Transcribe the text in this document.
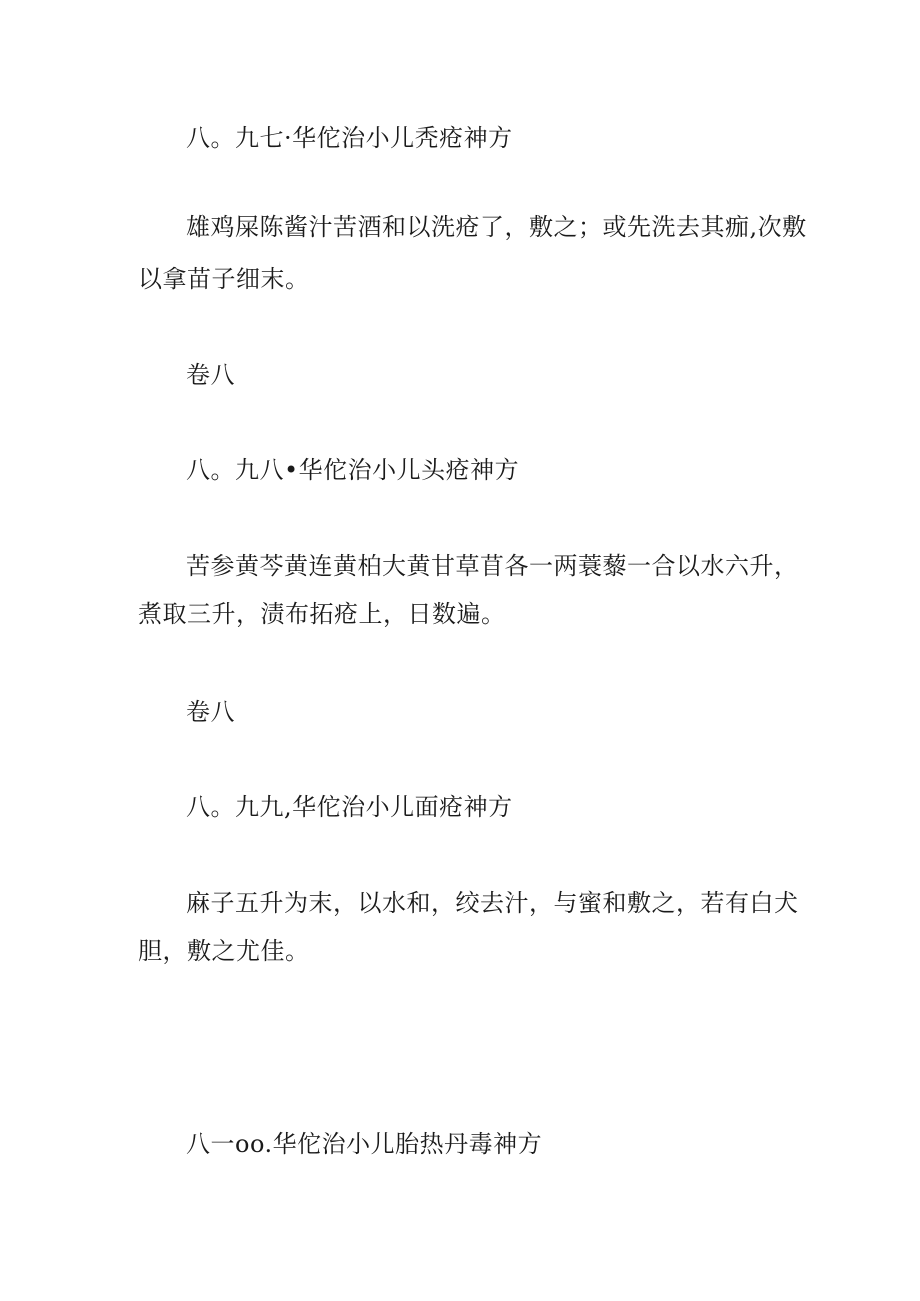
八。九七·华佗治小儿秃疮神方
雄鸡屎陈酱汁苦酒和以洗疮了，敷之；或先洗去其痂,次敷
以拿苗子细末。
卷八
八。九八•华佗治小儿头疮神方
苦参黄芩黄连黄柏大黄甘草苜各一两蓑藜一合以水六升，
煮取三升，渍布拓疮上，日数遍。
卷八
八。九九,华佗治小儿面疮神方
麻子五升为末，以水和，绞去汁，与蜜和敷之，若有白犬
胆，敷之尤佳。
八一oo.华佗治小儿胎热丹毒神方
